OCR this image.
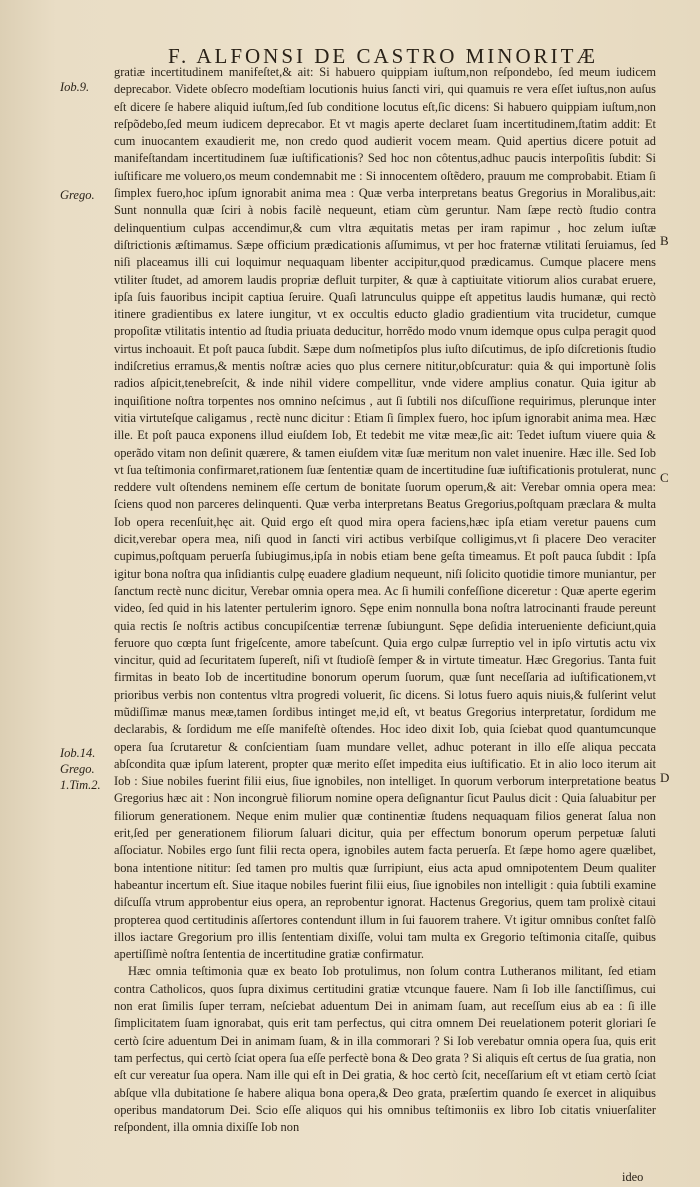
F. ALFONSI DE CASTRO MINORITÆ
Iob.9.
Grego.
Iob.14.
Grego.
1.Tim.2.
B
C
D

gratiæ incertitudinem manifeſtet,& ait: Si habuero quippiam iuſtum,non reſpondebo, ſed meum iudicem deprecabor. Videte obſecro modeſtiam locutionis huius ſancti viri, qui quamuis re vera eſſet iuſtus,non auſus eſt dicere ſe habere aliquid iuſtum,ſed ſub conditione locutus eſt,ſic dicens: Si habuero quippiam iuſtum,non reſpõdebo,ſed meum iudicem deprecabor. Et vt magis aperte declaret ſuam incertitudinem,ſtatim addit: Et cum inuocantem exaudierit me, non credo quod audierit vocem meam. Quid apertius dicere potuit ad manifeſtandam incertitudinem ſuæ iuſtificationis? Sed hoc non côtentus,adhuc paucis interpoſitis ſubdit: Si iuſtificare me voluero,os meum condemnabit me : Si innocentem oſtẽdero, prauum me comprobabit. Etiam ſi ſimplex fuero,hoc ipſum ignorabit anima mea : Quæ verba interpretans beatus Gregorius in Moralibus,ait: Sunt nonnulla quæ ſciri à nobis facilè nequeunt, etiam cùm geruntur. Nam ſæpe rectò ſtudio contra delinquentium culpas accendimur,& cum vltra æquitatis metas per iram rapimur , hoc zelum iuſtæ diſtrictionis æſtimamus. Sæpe officium prædicationis aſſumimus, vt per hoc fraternæ vtilitati ſeruiamus, ſed niſi placeamus illi cui loquimur nequaquam libenter accipitur,quod prædicamus. Cumque placere mens vtiliter ſtudet, ad amorem laudis propriæ defluit turpiter, & quæ à captiuitate vitiorum alios curabat eruere, ipſa ſuis fauoribus incipit captiua ſeruire. Quaſi latrunculus quippe eſt appetitus laudis humanæ, qui rectò itinere gradientibus ex latere iungitur, vt ex occultis educto gladio gradientium vita trucidetur, cumque propoſitæ vtilitatis intentio ad ſtudia priuata deducitur, horrẽdo modo vnum idemque opus culpa peragit quod virtus inchoauit. Et poſt pauca ſubdit. Sæpe dum noſmetipſos plus iuſto diſcutimus, de ipſo diſcretionis ſtudio indiſcretius erramus,& mentis noſtræ acies quo plus cernere nititur,obſcuratur: quia & qui importunè ſolis radios aſpicit,tenebreſcit, & inde nihil videre compellitur, vnde videre amplius conatur. Quia igitur ab inquiſitione noſtra torpentes nos omnino neſcimus , aut ſi ſubtili nos diſcuſſione requirimus, plerunque inter vitia virtuteſque caligamus , rectè nunc dicitur : Etiam ſi ſimplex fuero, hoc ipſum ignorabit anima mea. Hæc ille. Et poſt pauca exponens illud eiuſdem Iob, Et tedebit me vitæ meæ,ſic ait: Tedet iuſtum viuere quia & operãdo vitam non deſinit quærere, & tamen eiuſdem vitæ ſuæ meritum non valet inuenire. Hæc ille. Sed Iob vt ſua teſtimonia confirmaret,rationem ſuæ ſententiæ quam de incertitudine ſuæ iuſtificationis protulerat, nunc reddere vult oſtendens neminem eſſe certum de bonitate ſuorum operum,& ait: Verebar omnia opera mea: ſciens quod non parceres delinquenti. Quæ verba interpretans Beatus Gregorius,poſtquam præclara & multa Iob opera recenſuit,hęc ait. Quid ergo eſt quod mira opera faciens,hæc ipſa etiam veretur pauens cum dicit,verebar opera mea, niſi quod in ſancti viri actibus verbiſque colligimus,vt ſi placere Deo veraciter cupimus,poſtquam peruerſa ſubiugimus,ipſa in nobis etiam bene geſta timeamus. Et poſt pauca ſubdit : Ipſa igitur bona noſtra qua inſidiantis culpę euadere gladium nequeunt, niſi ſolicito quotidie timore muniantur, per ſanctum rectè nunc dicitur, Verebar omnia opera mea. Ac ſi humili confeſſione diceretur : Quæ aperte egerim video, ſed quid in his latenter pertulerim ignoro. Sępe enim nonnulla bona noſtra latrocinanti fraude pereunt quia rectis ſe noſtris actibus concupiſcentiæ terrenæ ſubiungunt. Sępe deſidia interueniente deficiunt,quia feruore quo cœpta ſunt frigeſcente, amore tabeſcunt. Quia ergo culpæ ſurreptio vel in ipſo virtutis actu vix vincitur, quid ad ſecuritatem ſupereſt, niſi vt ſtudioſè ſemper & in virtute timeatur. Hæc Gregorius. Tanta fuit firmitas in beato Iob de incertitudine bonorum operum ſuorum, quæ ſunt neceſſaria ad iuſtificationem,vt prioribus verbis non contentus vltra progredi voluerit, ſic dicens. Si lotus fuero aquis niuis,& fulſerint velut mũdiſſimæ manus meæ,tamen ſordibus intinget me,id eſt, vt beatus Gregorius interpretatur, ſordidum me declarabis, & ſordidum me eſſe manifeſtè oſtendes. Hoc ideo dixit Iob, quia ſciebat quod quantumcunque opera ſua ſcrutaretur & conſcientiam ſuam mundare vellet, adhuc poterant in illo eſſe aliqua peccata abſcondita quæ ipſum laterent, propter quæ merito eſſet impedita eius iuſtificatio. Et in alio loco iterum ait Iob : Siue nobiles fuerint filii eius, ſiue ignobiles, non intelliget. In quorum verborum interpretatione beatus Gregorius hæc ait : Non incongruè filiorum nomine opera deſignantur ſicut Paulus dicit : Quia ſaluabitur per filiorum generationem. Neque enim mulier quæ continentiæ ſtudens nequaquam filios generat ſalua non erit,ſed per generationem filiorum ſaluari dicitur, quia per effectum bonorum operum perpetuæ ſaluti aſſociatur. Nobiles ergo ſunt filii recta opera, ignobiles autem facta peruerſa. Et ſæpe homo agere quælibet, bona intentione nititur: ſed tamen pro multis quæ ſurripiunt, eius acta apud omnipotentem Deum qualiter habeantur incertum eſt. Siue itaque nobiles fuerint filii eius, ſiue ignobiles non intelligit : quia ſubtili examine diſcuſſa vtrum approbentur eius opera, an reprobentur ignorat. Hactenus Gregorius, quem tam prolixè citaui propterea quod certitudinis aſſertores contendunt illum in ſui fauorem trahere. Vt igitur omnibus conſtet falſò illos iactare Gregorium pro illis ſententiam dixiſſe, volui tam multa ex Gregorio teſtimonia citaſſe, quibus apertiſſimè noſtra ſententia de incertitudine gratiæ confirmatur.

Hæc omnia teſtimonia quæ ex beato Iob protulimus, non ſolum contra Lutheranos militant, ſed etiam contra Catholicos, quos ſupra diximus certitudini gratiæ vtcunque fauere. Nam ſi Iob ille ſanctiſſimus, cui non erat ſimilis ſuper terram, neſciebat aduentum Dei in animam ſuam, aut receſſum eius ab ea : ſi ille ſimplicitatem ſuam ignorabat, quis erit tam perfectus, qui citra omnem Dei reuelationem poterit gloriari ſe certò ſcire aduentum Dei in animam ſuam, & in illa commorari ? Si Iob verebatur omnia opera ſua, quis erit tam perfectus, qui certò ſciat opera ſua eſſe perfectè bona & Deo grata ? Si aliquis eſt certus de ſua gratia, non eſt cur vereatur ſua opera. Nam ille qui eſt in Dei gratia, & hoc certò ſcit, neceſſarium eſt vt etiam certò ſciat abſque vlla dubitatione ſe habere aliqua bona opera,& Deo grata, præſertim quando ſe exercet in aliquibus operibus mandatorum Dei. Scio eſſe aliquos qui his omnibus teſtimoniis ex libro Iob citatis vniuerſaliter reſpondent, illa omnia dixiſſe Iob non

ideo
